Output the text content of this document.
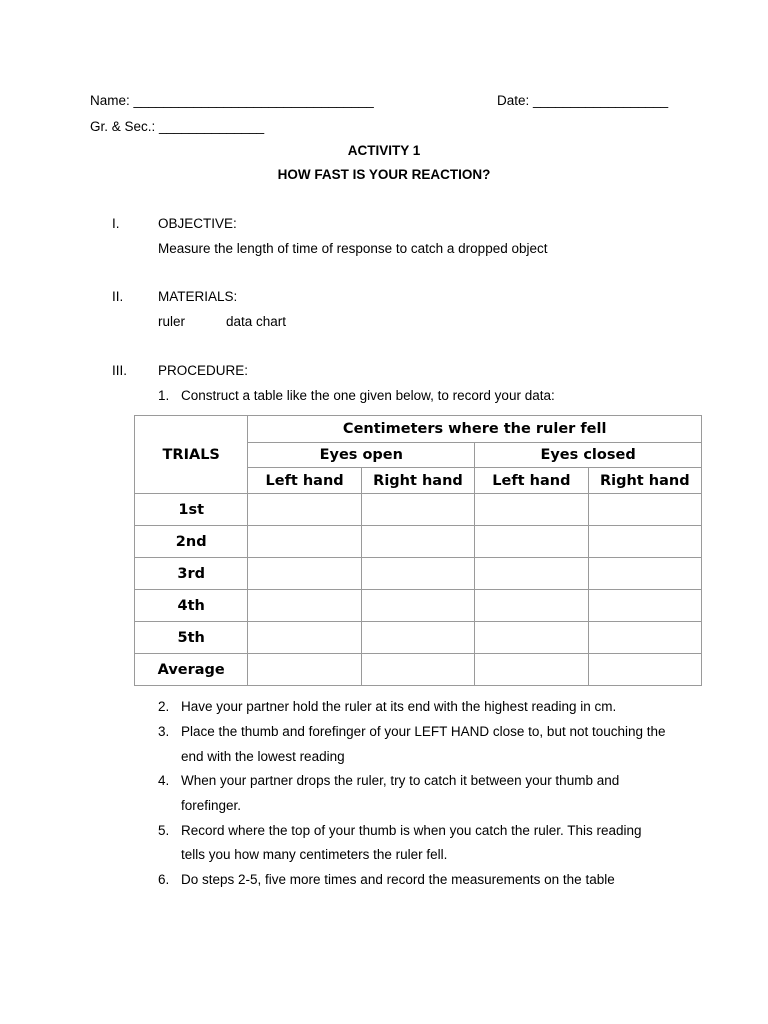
Name: ________________________________	Date: __________________
Gr. & Sec.: ______________
ACTIVITY 1
HOW FAST IS YOUR REACTION?
I.	OBJECTIVE:
Measure the length of time of response to catch a dropped object
II.	MATERIALS:
ruler	data chart
III. PROCEDURE:
1. Construct a table like the one given below, to record your data:
TRIALS	Centimeters where the ruler fell			
	Eyes open		Eyes closed	
	Left hand	Right hand	Left hand	Right hand
1st				
2nd				
3rd				
4th				
5th				
Average				
2. Have your partner hold the ruler at its end with the highest reading in cm.
3. Place the thumb and forefinger of your LEFT HAND close to, but not touching the
end with the lowest reading
4. When your partner drops the ruler, try to catch it between your thumb and
forefinger.
5. Record where the top of your thumb is when you catch the ruler. This reading
tells you how many centimeters the ruler fell.
6. Do steps 2-5, five more times and record the measurements on the table
